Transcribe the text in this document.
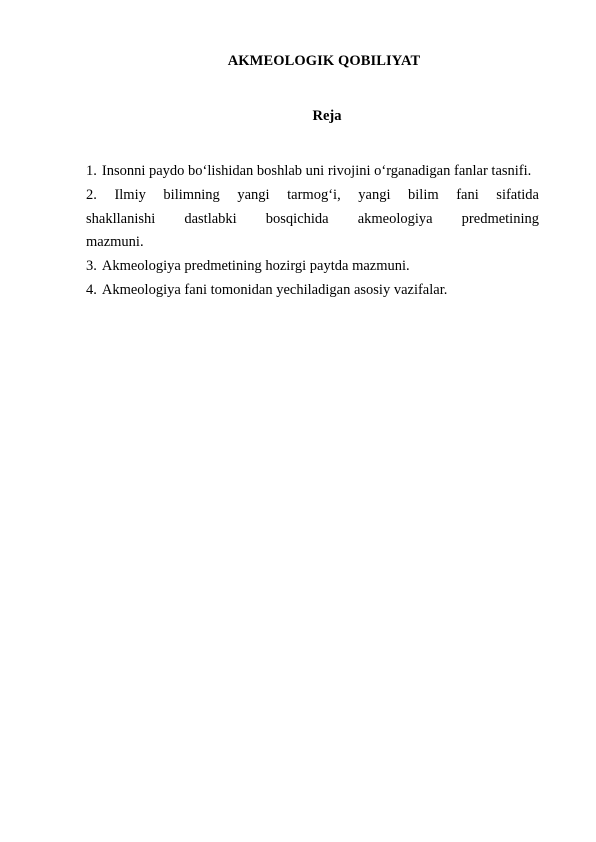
AKMEOLOGIK QOBILIYAT
Reja
1. Insonni paydo bo‘lishidan boshlab uni rivojini o‘rganadigan fanlar tasnifi.
2. Ilmiy bilimning yangi tarmog‘i, yangi bilim fani sifatida
shakllanishi dastlabki bosqichida akmeologiya predmetining
mazmuni.
3. Akmeologiya predmetining hozirgi paytda mazmuni.
4. Akmeologiya fani tomonidan yechiladigan asosiy vazifalar.
